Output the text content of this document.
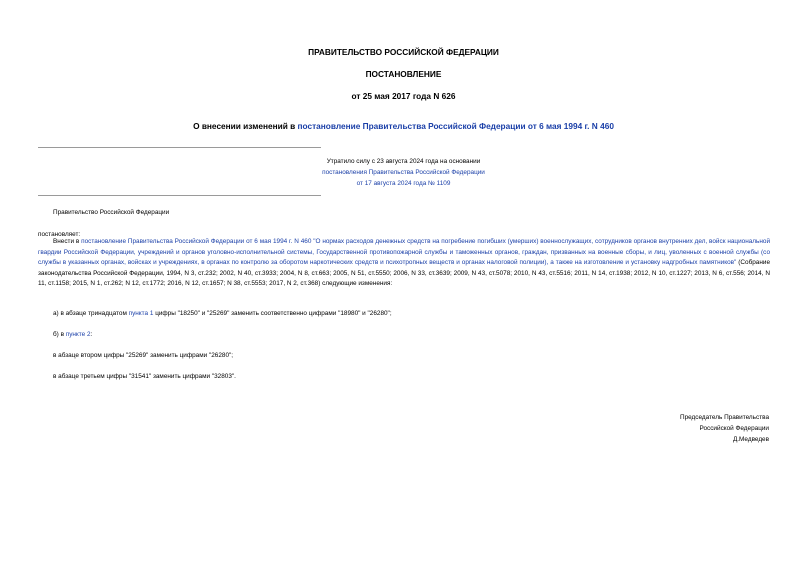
ПРАВИТЕЛЬСТВО РОССИЙСКОЙ ФЕДЕРАЦИИ
ПОСТАНОВЛЕНИЕ
от 25 мая 2017 года N 626
О внесении изменений в постановление Правительства Российской Федерации от 6 мая 1994 г. N 460
Утратило силу с 23 августа 2024 года на основании
постановления Правительства Российской Федерации
от 17 августа 2024 года № 1109
Правительство Российской Федерации
постановляет:
Внести в постановление Правительства Российской Федерации от 6 мая 1994 г. N 460 "О нормах расходов денежных средств на погребение погибших (умерших) военнослужащих, сотрудников органов внутренних дел, войск национальной гвардии Российской Федерации, учреждений и органов уголовно-исполнительной системы, Государственной противопожарной службы и таможенных органов, граждан, призванных на военные сборы, и лиц, уволенных с военной службы (со службы в указанных органах, войсках и учреждениях, в органах по контролю за оборотом наркотических средств и психотропных веществ и органах налоговой полиции), а также на изготовление и установку надгробных памятников" (Собрание законодательства Российской Федерации, 1994, N 3, ст.232; 2002, N 40, ст.3933; 2004, N 8, ст.663; 2005, N 51, ст.5550; 2006, N 33, ст.3639; 2009, N 43, ст.5078; 2010, N 43, ст.5516; 2011, N 14, ст.1938; 2012, N 10, ст.1227; 2013, N 6, ст.556; 2014, N 11, ст.1158; 2015, N 1, ст.262; N 12, ст.1772; 2016, N 12, ст.1657; N 38, ст.5553; 2017, N 2, ст.368) следующие изменения:
а) в абзаце тринадцатом пункта 1 цифры "18250" и "25269" заменить соответственно цифрами "18980" и "26280";
б) в пункте 2:
в абзаце втором цифры "25269" заменить цифрами "26280";
в абзаце третьем цифры "31541" заменить цифрами "32803".
Председатель Правительства
Российской Федерации
Д.Медведев
